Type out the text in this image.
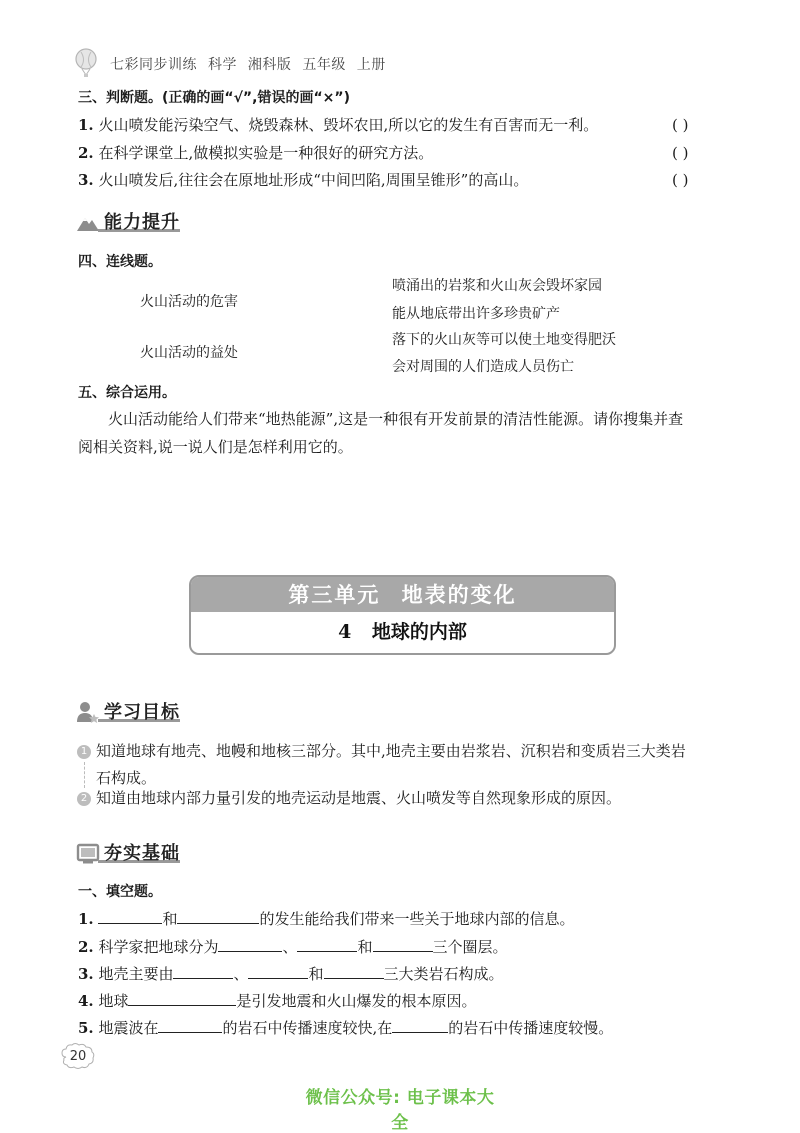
七彩同步训练 科学 湘科版 五年级 上册
三、判断题。(正确的画“√”,错误的画“×”)
1. 火山喷发能污染空气、烧毁森林、毁坏农田,所以它的发生有百害而无一利。	( )
2. 在科学课堂上,做模拟实验是一种很好的研究方法。	( )
3. 火山喷发后,往往会在原地址形成“中间凹陷,周围呈锥形”的高山。	( )
能力提升
四、连线题。
火山活动的危害
火山活动的益处
喷涌出的岩浆和火山灰会毁坏家园
能从地底带出许多珍贵矿产
落下的火山灰等可以使土地变得肥沃
会对周围的人们造成人员伤亡
五、综合运用。
火山活动能给人们带来“地热能源”,这是一种很有开发前景的清洁性能源。请你搜集并查
阅相关资料,说一说人们是怎样利用它的。
第三单元 地表的变化
4 地球的内部
学习目标
1 知道地球有地壳、地幔和地核三部分。其中,地壳主要由岩浆岩、沉积岩和变质岩三大类岩
石构成。
2 知道由地球内部力量引发的地壳运动是地震、火山喷发等自然现象形成的原因。
夯实基础
一、填空题。
1.	和	的发生能给我们带来一些关于地球内部的信息。
2. 科学家把地球分为	、	和	三个圈层。
3. 地壳主要由	、	和	三大类岩石构成。
4. 地球	是引发地震和火山爆发的根本原因。
5. 地震波在	的岩石中传播速度较快,在	的岩石中传播速度较慢。
20
微信公众号: 电子课本大全
